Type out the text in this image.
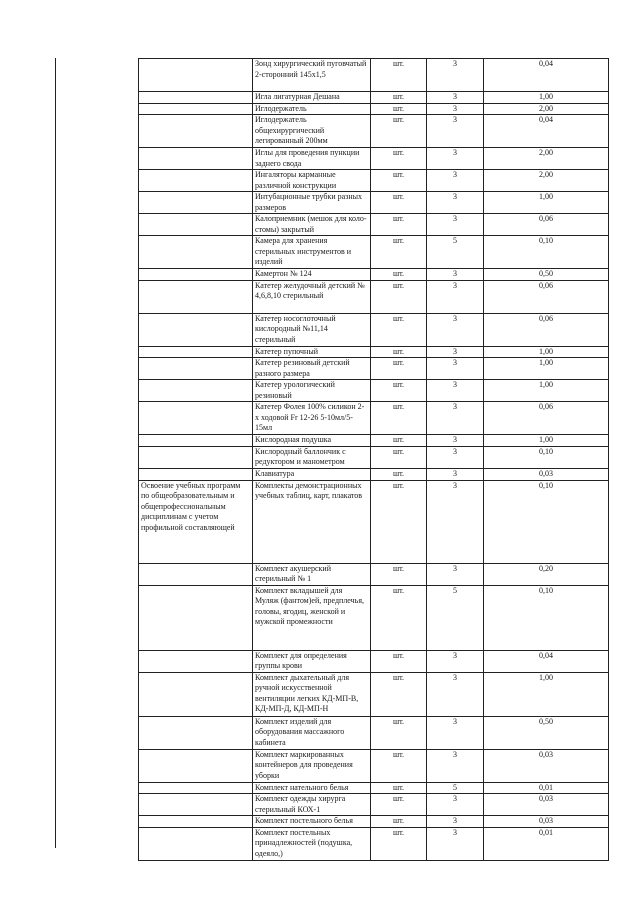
	Зонд хирургический пуговчатый 2-сторонний 145х1,5	шт.	3	0,04
	Игла лигатурная Дешана	шт.	3	1,00
	Иглодержатель	шт.	3	2,00
	Иглодержатель общехирургический легированный 200мм	шт.	3	0,04
	Иглы для проведения пункции заднего свода	шт.	3	2,00
	Ингаляторы карманные различной конструкции	шт.	3	2,00
	Интубационные трубки разных размеров	шт.	3	1,00
	Калоприемник (мешок для коло-стомы) закрытый	шт.	3	0,06
	Камера для хранения стерильных инструментов и изделий	шт.	5	0,10
	Камертон № 124	шт.	3	0,50
	Катетер желудочный детский № 4,6,8,10 стерильный	шт.	3	0,06
	Катетер носоглоточный кислородный №11,14 стерильный	шт.	3	0,06
	Катетер пупочный	шт.	3	1,00
	Катетер резиновый детский разного размера	шт.	3	1,00
	Катетер урологический резиновый	шт.	3	1,00
	Катетер Фолея 100% силикон 2-х ходовой Fr 12-26 5-10мл/5-15мл	шт.	3	0,06
	Кислородная подушка	шт.	3	1,00
	Кислородный баллончик с редуктором и манометром	шт.	3	0,10
	Клавиатура	шт.	3	0,03
Освоение учебных программ по общеобразовательным и общепрофессиональным дисциплинам с учетом профильной составляющей	Комплекты демонстрационных учебных таблиц, карт, плакатов	шт.	3	0,10
	Комплект акушерский стерильный № 1	шт.	3	0,20
	Комплект вкладышей для Муляж (фантом)ей, предплечья, головы, ягодиц, женской и мужской промежности	шт.	5	0,10
	Комплект для определения группы крови	шт.	3	0,04
	Комплект дыхательный для ручной искусственной вентиляции легких КД-МП-В, КД-МП-Д, КД-МП-Н	шт.	3	1,00
	Комплект изделий для оборудования массажного кабинета	шт.	3	0,50
	Комплект маркированных контейнеров для проведения уборки	шт.	3	0,03
	Комплект нательного белья	шт.	5	0,01
	Комплект одежды хирурга стерильный КОХ-1	шт.	3	0,03
	Комплект постельного белья	шт.	3	0,03
	Комплект постельных принадлежностей (подушка, одеяло,)	шт.	3	0,01
